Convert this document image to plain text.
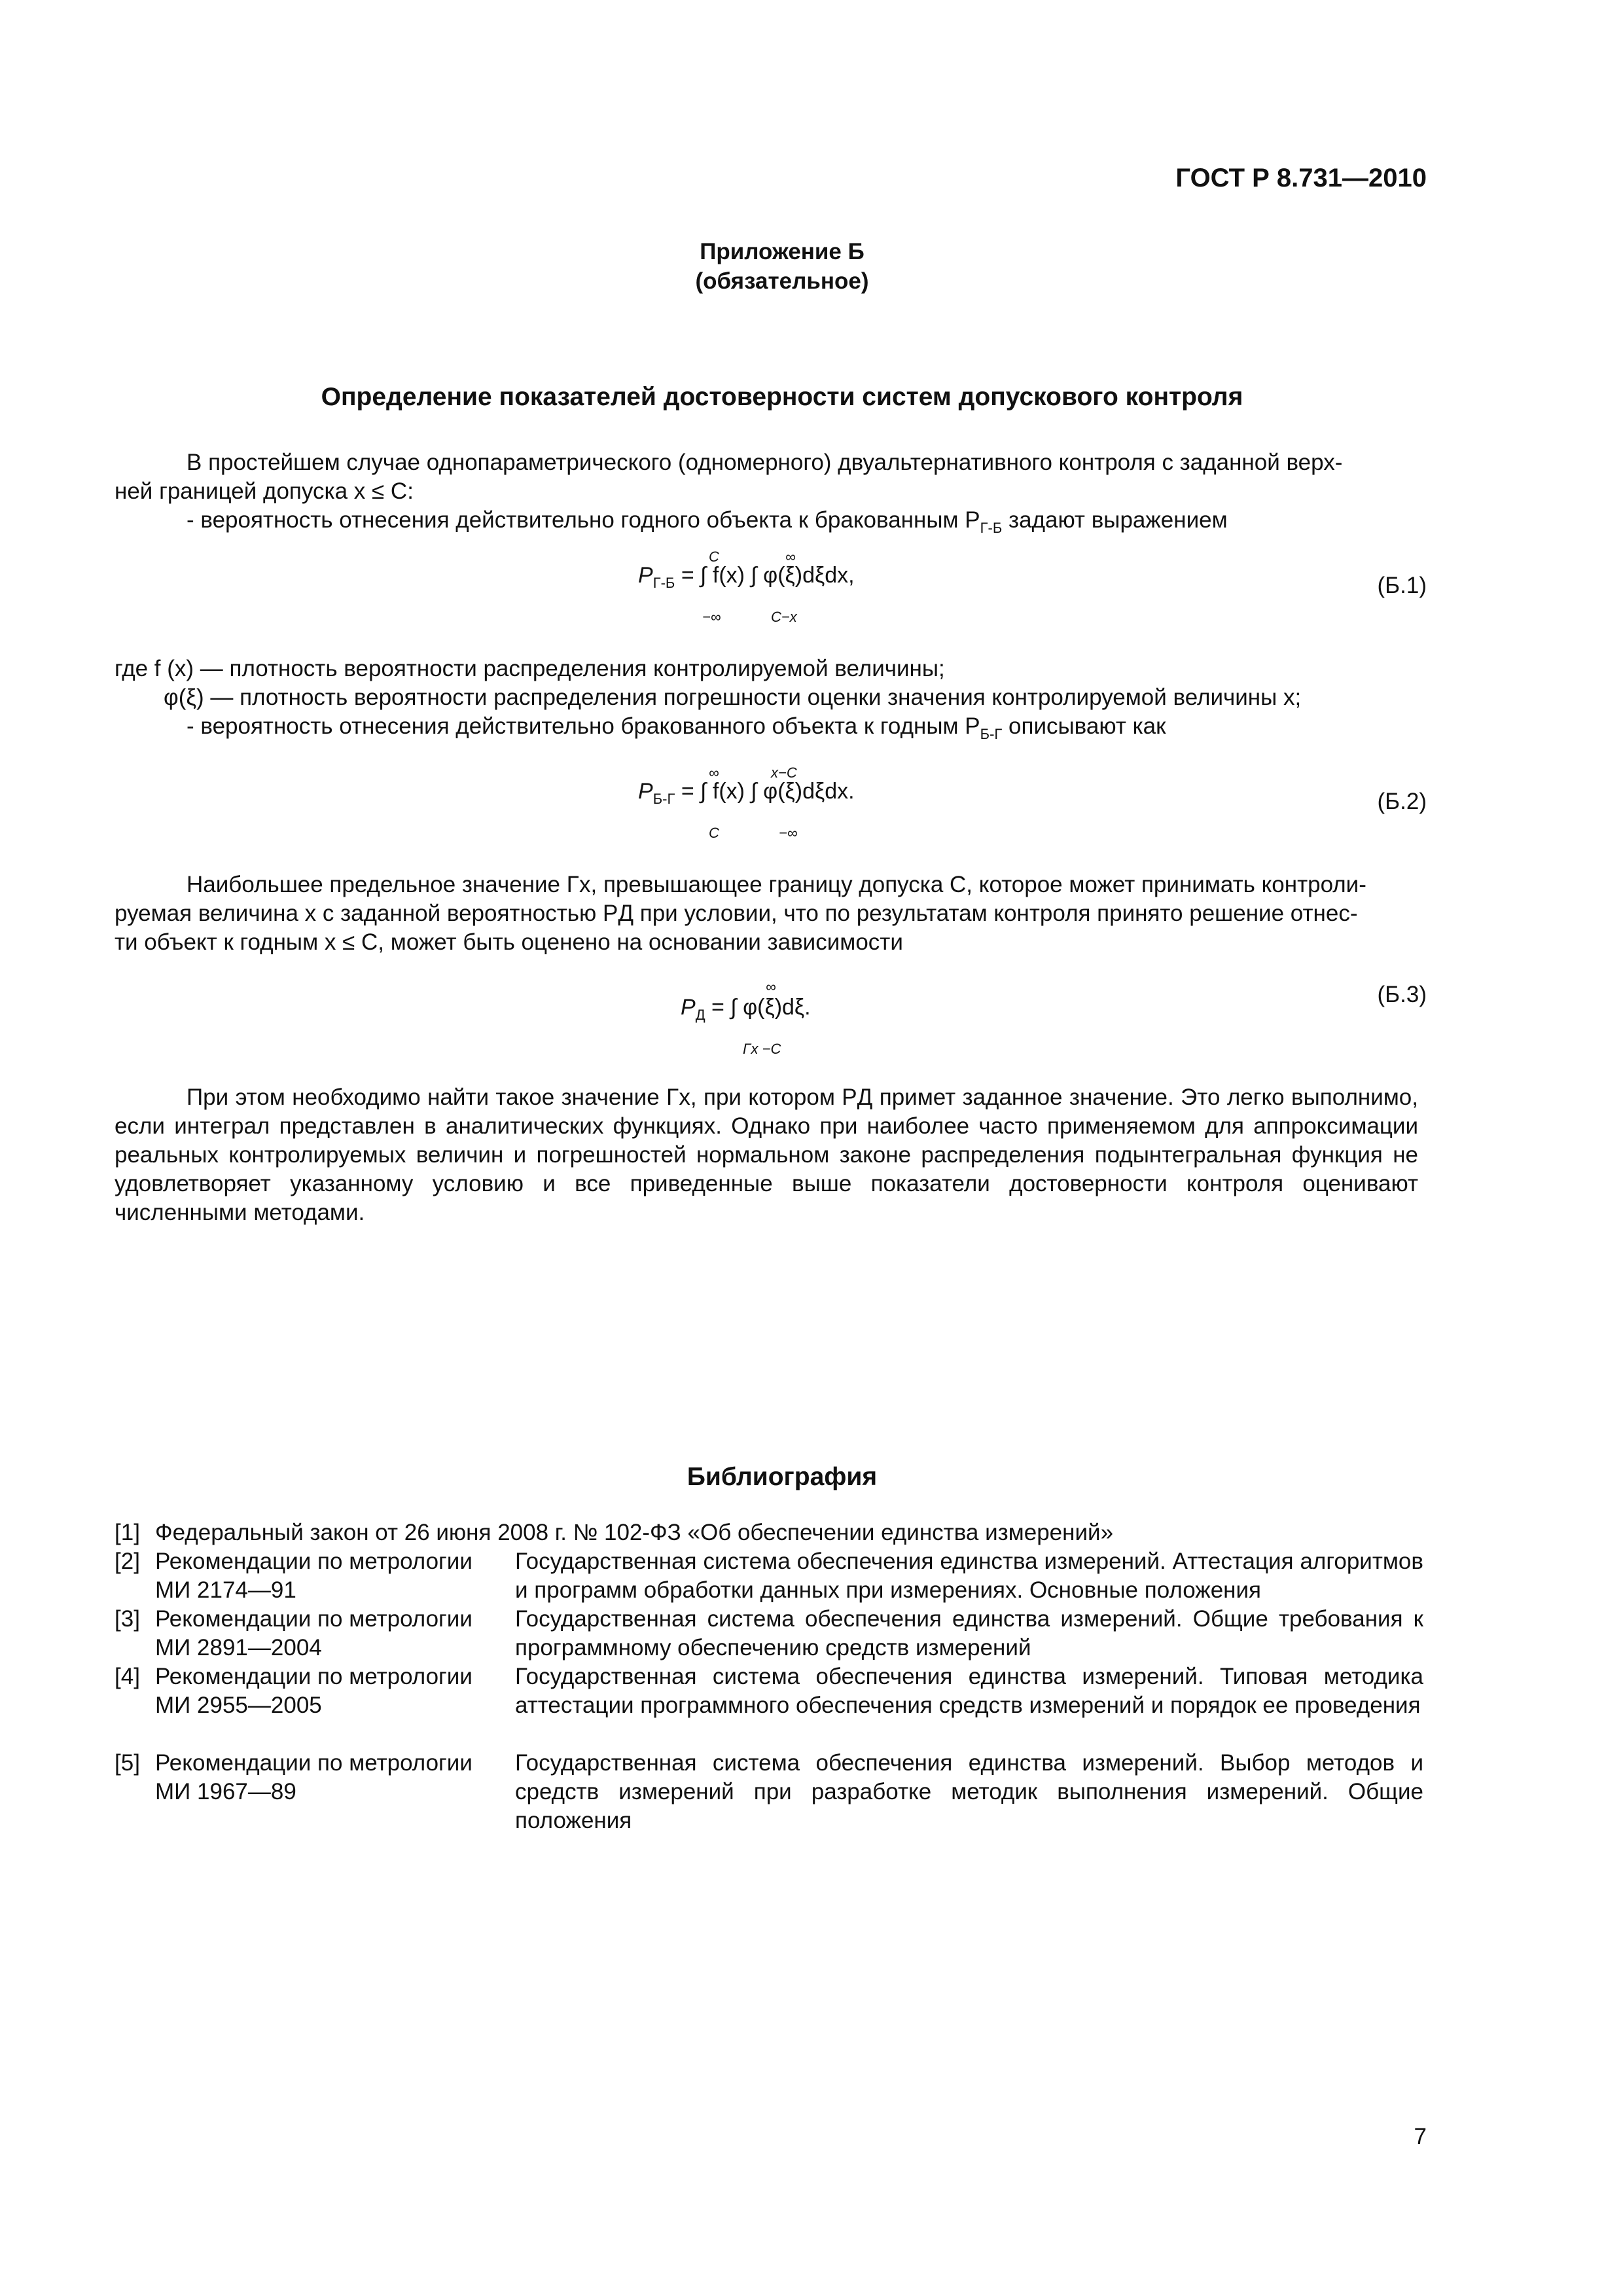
ГОСТ Р 8.731—2010
Приложение Б
(обязательное)
Определение показателей достоверности систем допускового контроля
В простейшем случае однопараметрического (одномерного) двуальтернативного контроля с заданной верх-
ней границей допуска x ≤ C:
- вероятность отнесения действительно годного объекта к бракованным $P_{Г-Б}$ задают выражением
$P_{Г-Б}$ = ∫ f(x) ∫ φ(ξ)dξdx,
C
−∞
∞
C−x
(Б.1)
где f (x) — плотность вероятности распределения контролируемой величины;
φ(ξ) — плотность вероятности распределения погрешности оценки значения контролируемой величины x;
- вероятность отнесения действительно бракованного объекта к годным $P_{Б-Г}$ описывают как
$P_{Б-Г}$ = ∫ f(x) ∫ φ(ξ)dξdx.
∞
C
x−C
−∞
(Б.2)
Наибольшее предельное значение Γx, превышающее границу допуска С, которое может принимать контроли-
руемая величина х с заданной вероятностью PД при условии, что по результатам контроля принято решение отнес-
ти объект к годным х ≤ С, может быть оценено на основании зависимости
$P_Д$ = ∫ φ(ξ)dξ.
∞
Γx −C
(Б.3)
При этом необходимо найти такое значение Γx, при котором PД примет заданное значение. Это легко выполнимо, если интеграл представлен в аналитических функциях. Однако при наиболее часто применяемом для аппроксимации реальных контролируемых величин и погрешностей нормальном законе распределения подынтегральная функция не удовлетворяет указанному условию и все приведенные выше показатели достоверности контроля оценивают численными методами.
Библиография
[1] Федеральный закон от 26 июня 2008 г. № 102-ФЗ «Об обеспечении единства измерений»
[2] Рекомендации по метрологии МИ 2174—91
Государственная система обеспечения единства измерений. Аттестация алгоритмов и программ обработки данных при измерениях. Основные положения
[3] Рекомендации по метрологии МИ 2891—2004
Государственная система обеспечения единства измерений. Общие требования к программному обеспечению средств измерений
[4] Рекомендации по метрологии МИ 2955—2005
Государственная система обеспечения единства измерений. Типовая методика аттестации программного обеспечения средств измерений и порядок ее проведения
[5] Рекомендации по метрологии МИ 1967—89
Государственная система обеспечения единства измерений. Выбор методов и средств измерений при разработке методик выполнения измерений. Общие положения
7
